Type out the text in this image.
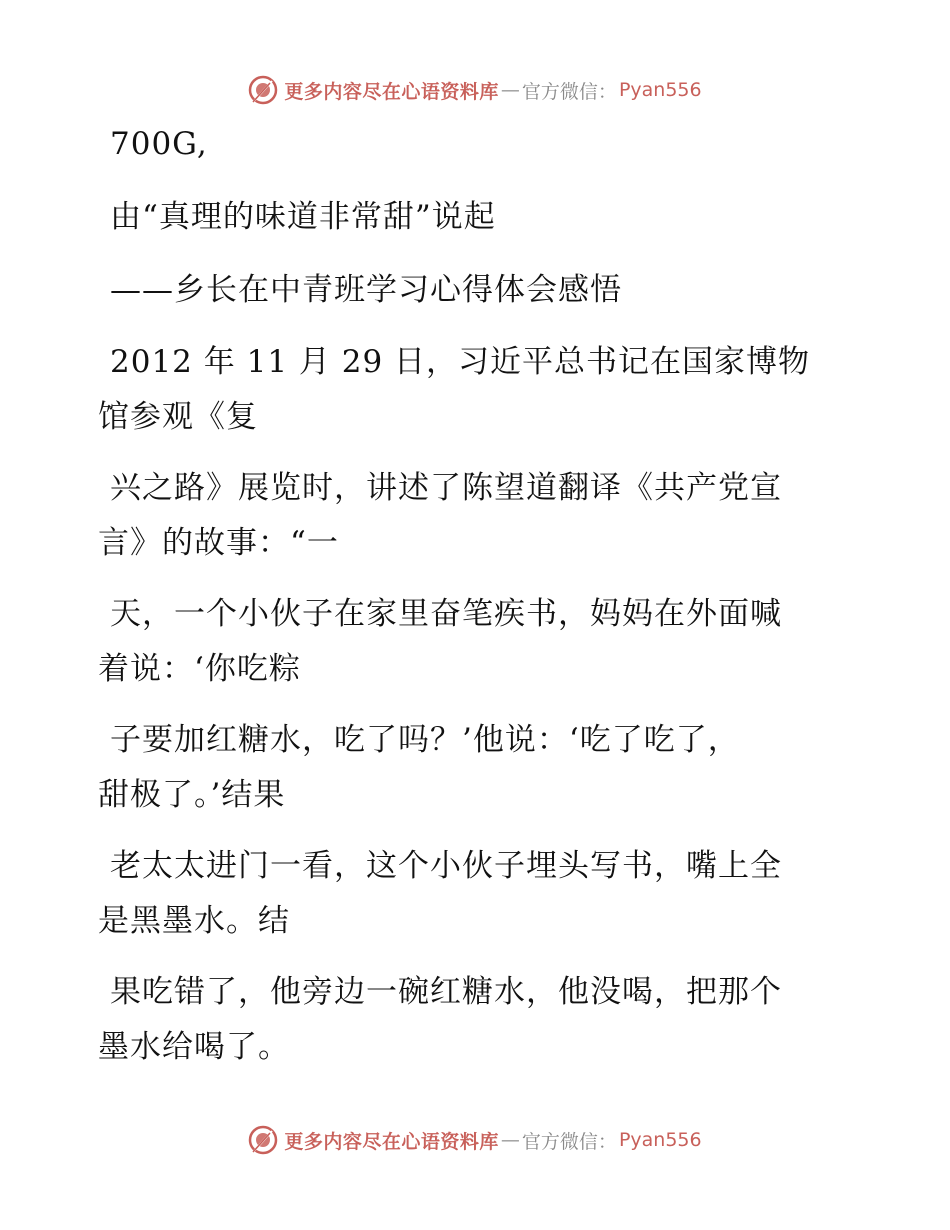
更多内容尽在心语资料库 — 官方微信： Pyan556
700G,
由“真理的味道非常甜”说起
——乡长在中青班学习心得体会感悟
2012 年 11 月 29 日，习近平总书记在国家博物
馆参观《复
兴之路》展览时，讲述了陈望道翻译《共产党宣
言》的故事：“一
天，一个小伙子在家里奋笔疾书，妈妈在外面喊
着说：‘你吃粽
子要加红糖水，吃了吗？’他说：‘吃了吃了，
甜极了。’结果
老太太进门一看，这个小伙子埋头写书，嘴上全
是黑墨水。结
果吃错了，他旁边一碗红糖水，他没喝，把那个
墨水给喝了。
更多内容尽在心语资料库 — 官方微信： Pyan556
